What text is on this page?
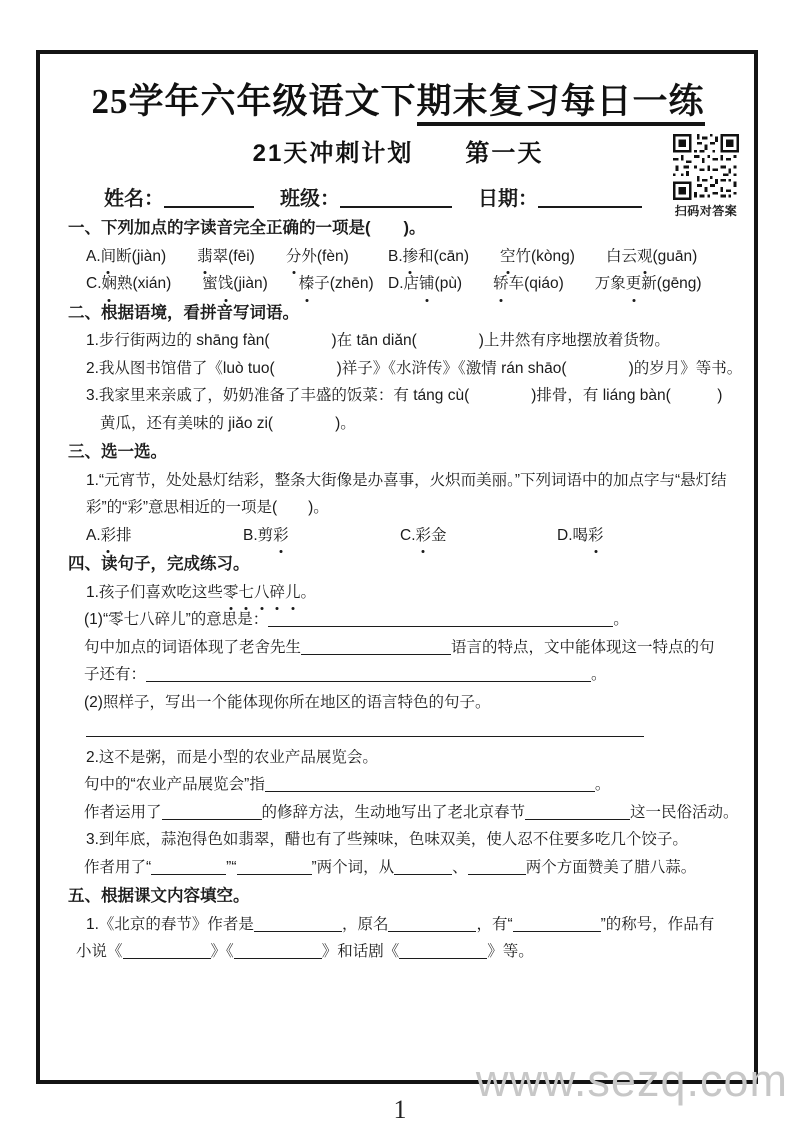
25学年六年级语文下期末复习每日一练
21天冲刺计划　　第一天
扫码对答案
姓名：	班级：	日期：
一、下列加点的字读音完全正确的一项是(　　)。
A.间断(jiàn)　　翡翠(fēi)　　分外(fèn)	B.掺和(cān)　　空竹(kòng)　　白云观(guān)
C.娴熟(xián)　　蜜饯(jiàn)　　榛子(zhēn) D.店铺(pù)　　轿车(qiáo)　　万象更新(gēng)
二、根据语境，看拼音写词语。
1.步行街两边的 shāng fàn(　　　　)在 tān diǎn(　　　　)上井然有序地摆放着货物。
2.我从图书馆借了《luò tuo(　　　　)祥子》《水浒传》《激情 rán shāo(　　　　)的岁月》等书。
3.我家里来亲戚了，奶奶准备了丰盛的饭菜：有 táng cù(　　　　)排骨，有 liáng bàn(　　　)
黄瓜，还有美味的 jiǎo zi(　　　　)。
三、选一选。
1.“元宵节，处处悬灯结彩，整条大街像是办喜事，火炽而美丽。”下列词语中的加点字与“悬灯结
彩”的“彩”意思相近的一项是(　　)。
A.彩排	B.剪彩	C.彩金	D.喝彩
四、读句子，完成练习。
1.孩子们喜欢吃这些零七八碎儿。
(1)“零七八碎儿”的意思是：	。
句中加点的词语体现了老舍先生	语言的特点，文中能体现这一特点的句
子还有：	。
(2)照样子，写出一个能体现你所在地区的语言特色的句子。
2.这不是粥，而是小型的农业产品展览会。
句中的“农业产品展览会”指	。
作者运用了	的修辞方法，生动地写出了老北京春节	这一民俗活动。
3.到年底，蒜泡得色如翡翠，醋也有了些辣味，色味双美，使人忍不住要多吃几个饺子。
作者用了“	”“	”两个词，从	、	两个方面赞美了腊八蒜。
五、根据课文内容填空。
1.《北京的春节》作者是	，原名	，有“	”的称号，作品有
小说《	》《	》和话剧《	》等。
www.sezq.com
1
